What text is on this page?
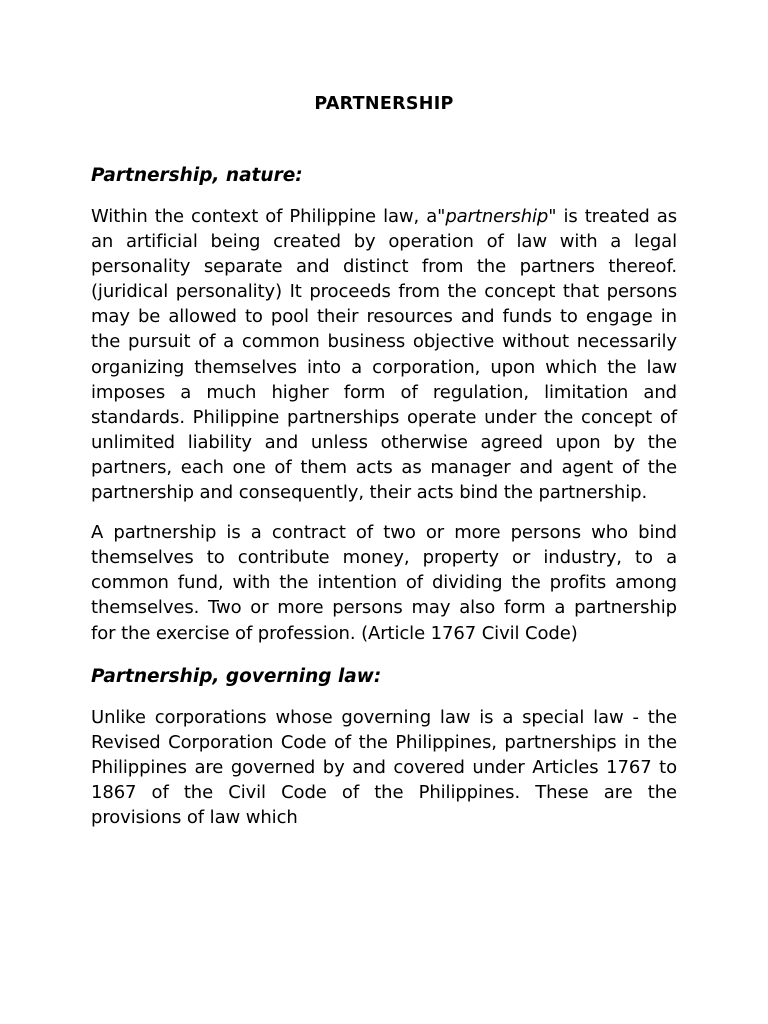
PARTNERSHIP

Partnership, nature:

Within the context of Philippine law, a"partnership" is treated as an artificial being created by operation of law with a legal personality separate and distinct from the partners thereof. (juridical personality) It proceeds from the concept that persons may be allowed to pool their resources and funds to engage in the pursuit of a common business objective without necessarily organizing themselves into a corporation, upon which the law imposes a much higher form of regulation, limitation and standards. Philippine partnerships operate under the concept of unlimited liability and unless otherwise agreed upon by the partners, each one of them acts as manager and agent of the partnership and consequently, their acts bind the partnership.

A partnership is a contract of two or more persons who bind themselves to contribute money, property or industry, to a common fund, with the intention of dividing the profits among themselves. Two or more persons may also form a partnership for the exercise of profession. (Article 1767 Civil Code)

Partnership, governing law:

Unlike corporations whose governing law is a special law - the Revised Corporation Code of the Philippines, partnerships in the Philippines are governed by and covered under Articles 1767 to 1867 of the Civil Code of the Philippines. These are the provisions of law which
